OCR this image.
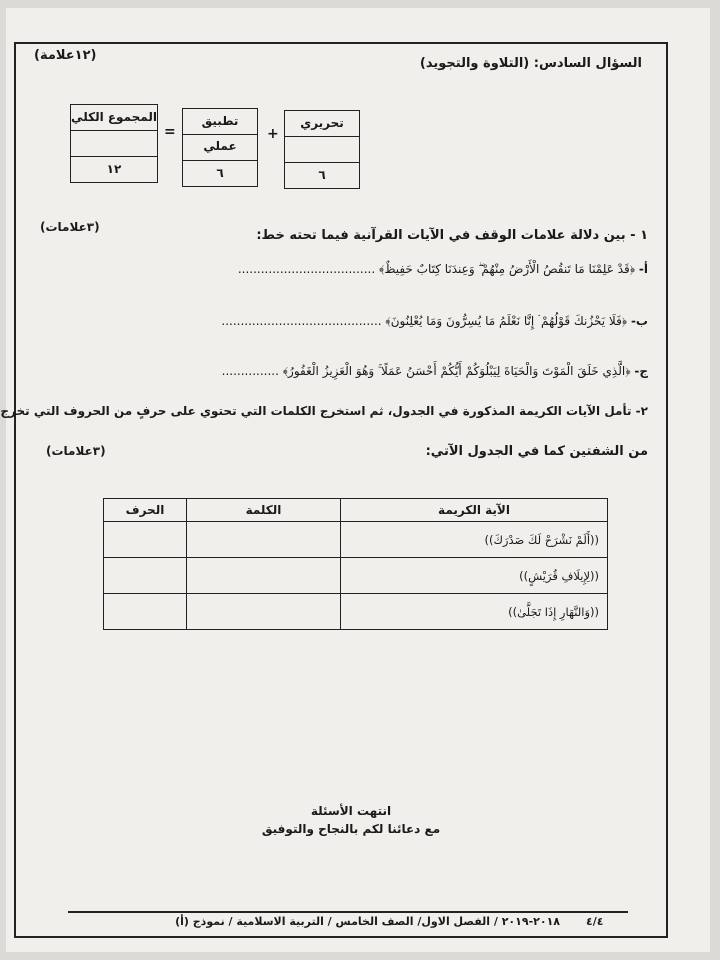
(١٢علامة)
السؤال السادس: (التلاوة والتجويد)
تحريري
٦
+
تطبيق عملي
٦
=
المجموع الكلي
١٢
(٣علامات)
١ - بين دلالة علامات الوقف في الآيات القرآنية فيما تحته خط:
أ- ﴿قَدْ عَلِمْنَا مَا تَنقُصُ الْأَرْضُ مِنْهُمْ ۖ وَعِندَنَا كِتَابٌ حَفِيظٌ﴾ ....................................
ب- ﴿فَلَا يَحْزُنكَ قَوْلُهُمْ ۘ إِنَّا نَعْلَمُ مَا يُسِرُّونَ وَمَا يُعْلِنُونَ﴾ ..........................................
ج- ﴿الَّذِي خَلَقَ الْمَوْتَ وَالْحَيَاةَ لِيَبْلُوَكُمْ أَيُّكُمْ أَحْسَنُ عَمَلًا ۚ وَهُوَ الْعَزِيزُ الْغَفُورُ﴾ ...............
٢- تأمل الآيات الكريمة المذكورة في الجدول، ثم استخرج الكلمات التي تحتوي على حرفٍ من الحروف التي تخرج
من الشفتين كما في الجدول الآتي:
(٣علامات)
الآية الكريمة	الكلمة	الحرف
((أَلَمْ نَشْرَحْ لَكَ صَدْرَكَ))		
((لِإِيلَافِ قُرَيْشٍ))		
((وَالنَّهَارِ إِذَا تَجَلَّىٰ))		
انتهت الأسئلة
مع دعائنا لكم بالنجاح والتوفيق
٤/٤
٢٠١٨-٢٠١٩ / الفصل الاول/ الصف الخامس / التربية الاسلامية / نموذج (أ)
